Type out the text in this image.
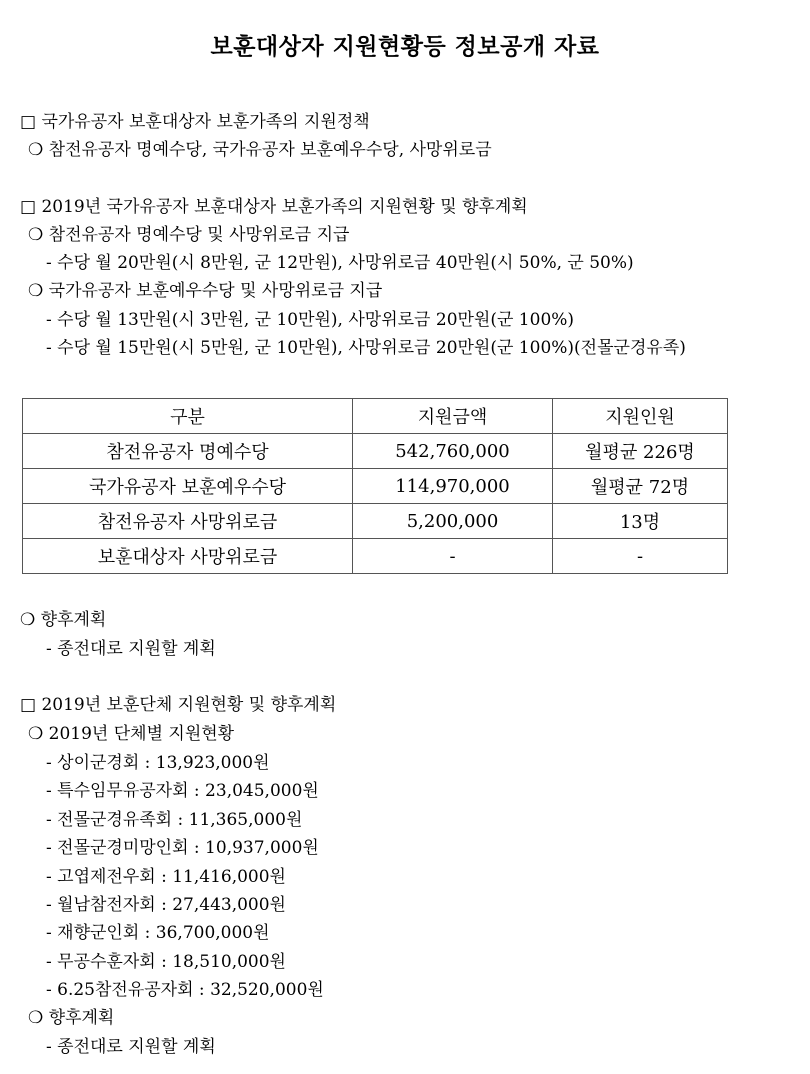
보훈대상자 지원현황등 정보공개 자료
□ 국가유공자 보훈대상자 보훈가족의 지원정책
❍ 참전유공자 명예수당, 국가유공자 보훈예우수당, 사망위로금
□ 2019년 국가유공자 보훈대상자 보훈가족의 지원현황 및 향후계획
❍ 참전유공자 명예수당 및 사망위로금 지급
- 수당 월 20만원(시 8만원, 군 12만원), 사망위로금 40만원(시 50%, 군 50%)
❍ 국가유공자 보훈예우수당 및 사망위로금 지급
- 수당 월 13만원(시 3만원, 군 10만원), 사망위로금 20만원(군 100%)
- 수당 월 15만원(시 5만원, 군 10만원), 사망위로금 20만원(군 100%)(전몰군경유족)
구분	지원금액	지원인원
참전유공자 명예수당	542,760,000	월평균 226명
국가유공자 보훈예우수당	114,970,000	월평균 72명
참전유공자 사망위로금	5,200,000	13명
보훈대상자 사망위로금	-	-
❍ 향후계획
- 종전대로 지원할 계획
□ 2019년 보훈단체 지원현황 및 향후계획
❍ 2019년 단체별 지원현황
- 상이군경회 : 13,923,000원
- 특수임무유공자회 : 23,045,000원
- 전몰군경유족회 : 11,365,000원
- 전몰군경미망인회 : 10,937,000원
- 고엽제전우회 : 11,416,000원
- 월남참전자회 : 27,443,000원
- 재향군인회 : 36,700,000원
- 무공수훈자회 : 18,510,000원
- 6.25참전유공자회 : 32,520,000원
❍ 향후계획
- 종전대로 지원할 계획
